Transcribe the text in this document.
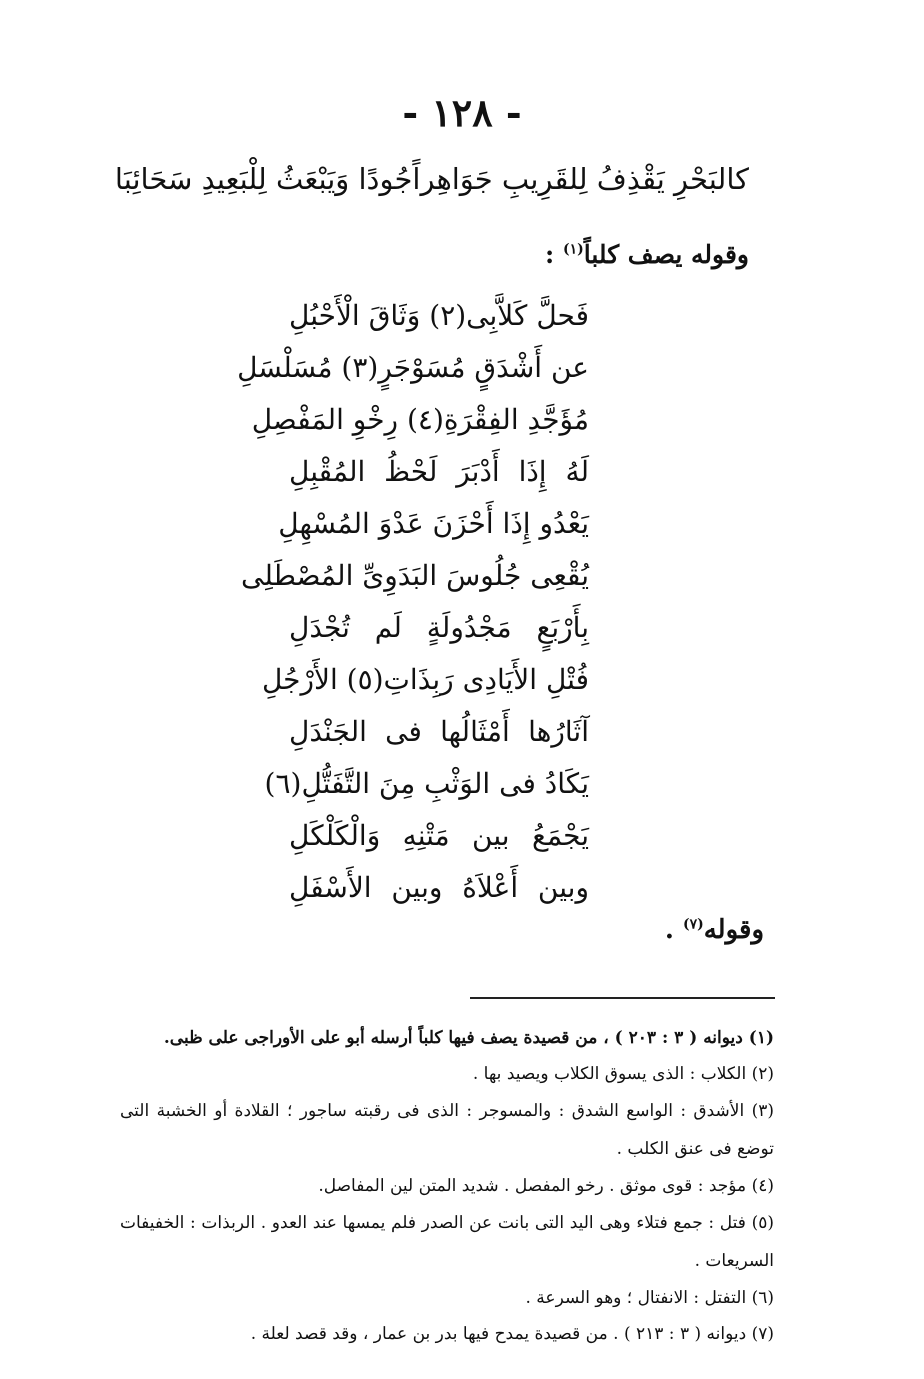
- ١٢٨ -
كالبَحْرِ يَقْذِفُ لِلقَرِيبِ جَوَاهِراً
جُودًا وَيَبْعَثُ لِلْبَعِيدِ سَحَائِبَا
وقوله يصف كلباً$^{(١)}$ :
فَحلَّ كَلاَّبِى(٢) وَثَاقَ الْأَحْبُلِ
عن أَشْدَقٍ مُسَوْجَرٍ(٣) مُسَلْسَلِ
مُؤَجَّدِ الفِقْرَةِ(٤) رِخْوِ المَفْصِلِ
لَهُ إِذَا أَدْبَرَ لَحْظُ المُقْبِلِ
يَعْدُو إِذَا أَحْزَنَ عَدْوَ المُسْهِلِ
يُقْعِى جُلُوسَ البَدَوِىِّ المُصْطَلِى
بِأَرْبَعٍ مَجْدُولَةٍ لَم تُجْدَلِ
فُتْلِ الأَيَادِى رَبِذَاتِ(٥) الأَرْجُلِ
آثَارُها أَمْثَالُها فى الجَنْدَلِ
يَكَادُ فى الوَثْبِ مِنَ التَّفَتُّلِ(٦)
يَجْمَعُ بين مَتْنِهِ وَالْكَلْكَلِ
وبين أَعْلاَهُ وبين الأَسْفَلِ
وقوله$^{(٧)}$ .
(١) ديوانه ( ٣ : ٢٠٣ ) ، من قصيدة يصف فيها كلباً أرسله أبو على الأوراجى على ظبى.
(٢) الكلاب : الذى يسوق الكلاب ويصيد بها .
(٣) الأشدق : الواسع الشدق : والمسوجر : الذى فى رقبته ساجور ؛ القلادة أو الخشبة التى توضع فى عنق الكلب .
(٤) مؤجد : قوى موثق . رخو المفصل . شديد المتن لين المفاصل.
(٥) فتل : جمع فتلاء وهى اليد التى بانت عن الصدر فلم يمسها عند العدو . الربذات : الخفيفات السريعات .
(٦) التفتل : الانفتال ؛ وهو السرعة .
(٧) ديوانه ( ٣ : ٢١٣ ) . من قصيدة يمدح فيها بدر بن عمار ، وقد قصد لعلة .
